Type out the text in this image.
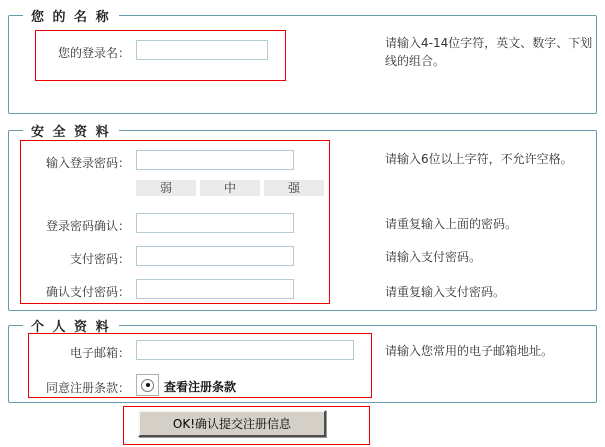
您 的 名 称
您的登录名：
请输入4-14位字符，英文、数字、下划线的组合。
安 全 资 料
输入登录密码：	请输入6位以上字符，不允许空格。
弱	中	强
登录密码确认：	请重复输入上面的密码。
支付密码：	请输入支付密码。
确认支付密码：	请重复输入支付密码。
个 人 资 料
电子邮箱：	请输入您常用的电子邮箱地址。
同意注册条款：	查看注册条款
OK!确认提交注册信息
